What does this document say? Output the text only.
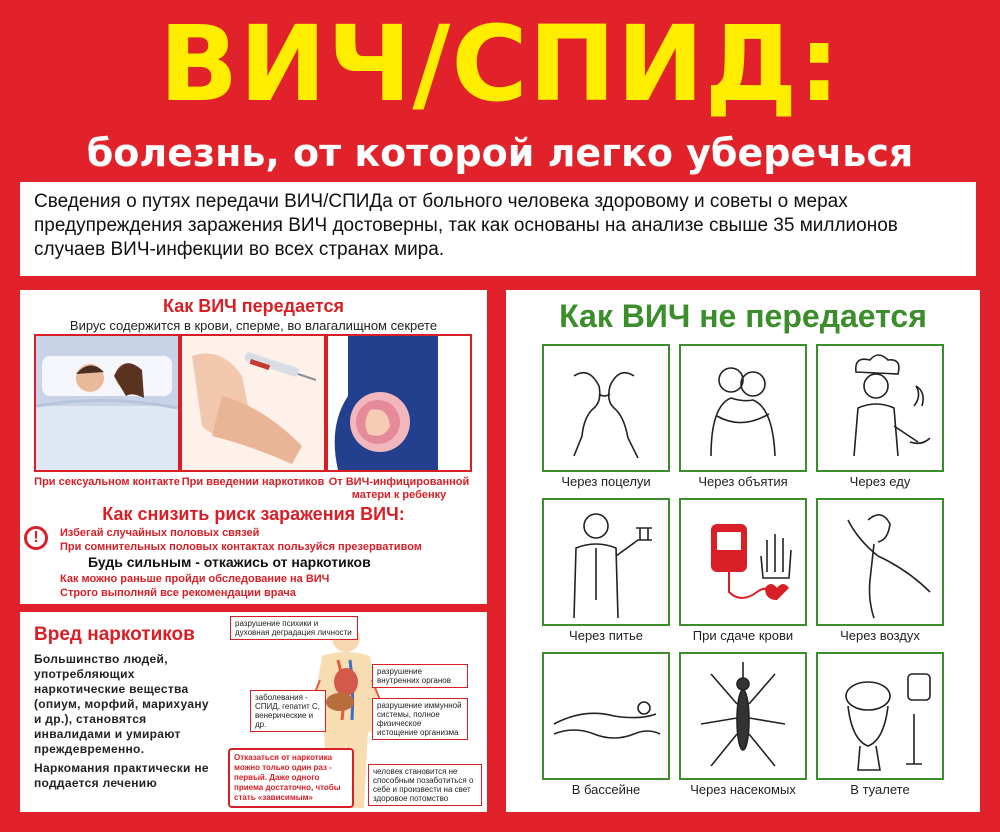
ВИЧ/СПИД:
болезнь, от которой легко уберечься
Сведения о путях передачи ВИЧ/СПИДа от больного человека здоровому и советы о мерах предупреждения заражения ВИЧ достоверны, так как основаны на анализе свыше 35 миллионов случаев ВИЧ-инфекции во всех странах мира.
Как ВИЧ передается
Вирус содержится в крови, сперме, во влагалищном секрете
При сексуальном контакте При введении наркотиков От ВИЧ-инфицированной матери к ребенку
Как снизить риск заражения ВИЧ:
!	Избегай случайных половых связей
При сомнительных половых контактах пользуйся презервативом
Будь сильным - откажись от наркотиков
Как можно раньше пройди обследование на ВИЧ
Строго выполняй все рекомендации врача
Вред наркотиков
Большинство людей, употребляющих наркотические вещества (опиум, морфий, марихуану и др.), становятся инвалидами и умирают преждевременно.
Наркомания практически не поддается лечению
разрушение психики и духовная деградация личности
разрушение внутренних органов
заболевания - СПИД, гепатит С, венерические и др.
разрушение иммунной системы, полное физическое истощение организма
человек становится не способным позаботиться о себе и произвести на свет здоровое потомство
Отказаться от наркотика можно только один раз - первый. Даже одного приема достаточно, чтобы стать «зависимым»
Как ВИЧ не передается
Через поцелуи	Через объятия	Через еду
Через питье	При сдаче крови	Через воздух
В бассейне	Через насекомых	В туалете
